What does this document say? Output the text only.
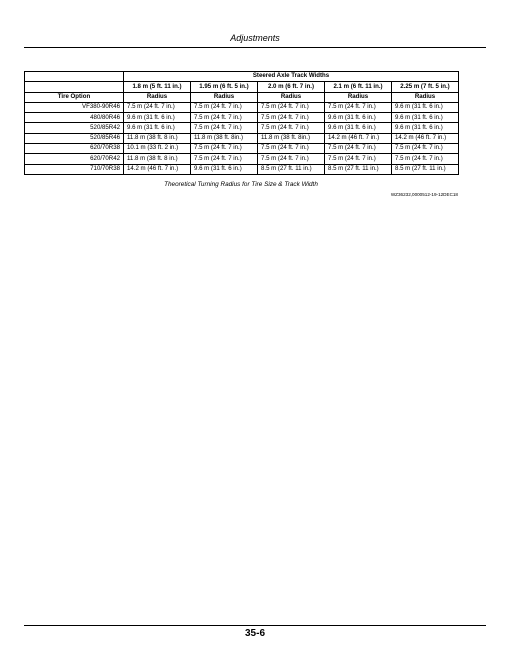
Adjustments
	Steered Axle Track Widths				
	1.8 m (5 ft. 11 in.)	1.95 m (6 ft. 5 in.)	2.0 m (6 ft. 7 in.)	2.1 m (6 ft. 11 in.)	2.25 m (7 ft. 5 in.)
Tire Option	Radius	Radius	Radius	Radius	Radius
VF380-90R46	7.5 m (24 ft. 7 in.)	7.5 m (24 ft. 7 in.)	7.5 m (24 ft. 7 in.)	7.5 m (24 ft. 7 in.)	9.6 m (31 ft. 6 in.)
480/80R46	9.6 m (31 ft. 6 in.)	7.5 m (24 ft. 7 in.)	7.5 m (24 ft. 7 in.)	9.6 m (31 ft. 6 in.)	9.6 m (31 ft. 6 in.)
520/85R42	9.6 m (31 ft. 6 in.)	7.5 m (24 ft. 7 in.)	7.5 m (24 ft. 7 in.)	9.6 m (31 ft. 6 in.)	9.6 m (31 ft. 6 in.)
520/85R46	11.8 m (38 ft. 8 in.)	11.8 m (38 ft. 8in.)	11.8 m (38 ft. 8in.)	14.2 m (46 ft. 7 in.)	14.2 m (46 ft. 7 in.)
620/70R38	10.1 m (33 ft. 2 in.)	7.5 m (24 ft. 7 in.)	7.5 m (24 ft. 7 in.)	7.5 m (24 ft. 7 in.)	7.5 m (24 ft. 7 in.)
620/70R42	11.8 m (38 ft. 8 in.)	7.5 m (24 ft. 7 in.)	7.5 m (24 ft. 7 in.)	7.5 m (24 ft. 7 in.)	7.5 m (24 ft. 7 in.)
710/70R38	14.2 m (46 ft. 7 in.)	9.6 m (31 ft. 6 in.)	8.5 m (27 ft. 11 in.)	8.5 m (27 ft. 11 in.)	8.5 m (27 ft. 11 in.)
Theoretical Turning Radius for Tire Size & Track Width
WZ36232,0000512-19-12DEC18
35-6
